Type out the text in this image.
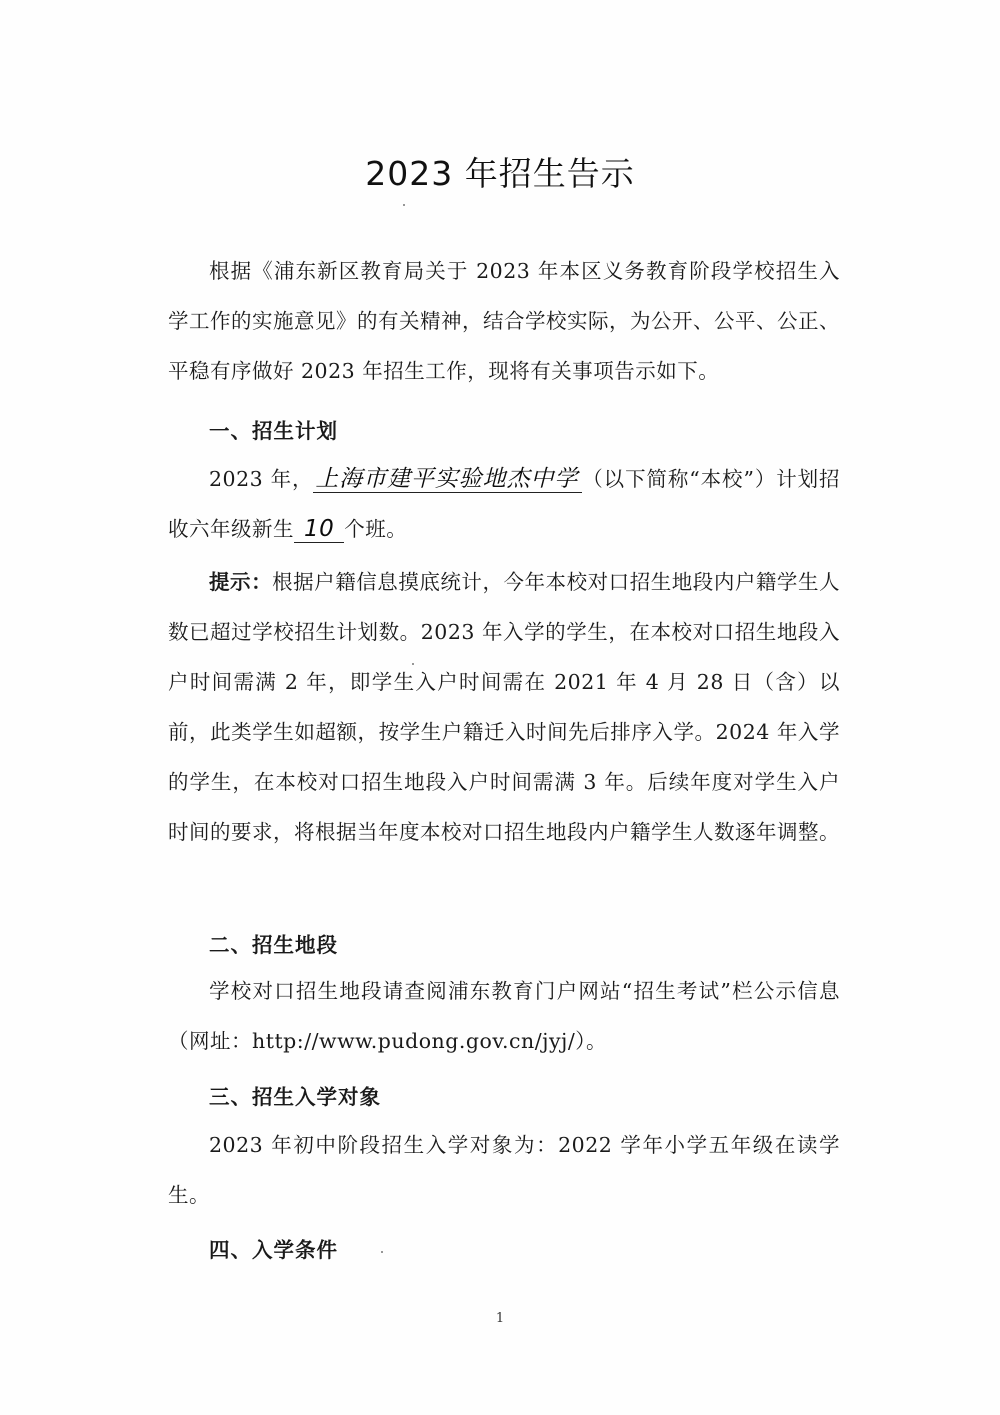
2023 年招生告示

根据《浦东新区教育局关于 2023 年本区义务教育阶段学校招生入学工作的实施意见》的有关精神，结合学校实际，为公开、公平、公正、平稳有序做好 2023 年招生工作，现将有关事项告示如下。

一、招生计划

2023 年，上海市建平实验地杰中学 （以下简称“本校”）计划招收六年级新生 10 个班。

提示：根据户籍信息摸底统计，今年本校对口招生地段内户籍学生人数已超过学校招生计划数。2023 年入学的学生，在本校对口招生地段入户时间需满 2 年，即学生入户时间需在 2021 年 4 月 28 日（含）以前，此类学生如超额，按学生户籍迁入时间先后排序入学。2024 年入学的学生，在本校对口招生地段入户时间需满 3 年。后续年度对学生入户时间的要求，将根据当年度本校对口招生地段内户籍学生人数逐年调整。

二、招生地段

学校对口招生地段请查阅浦东教育门户网站“招生考试”栏公示信息（网址：http://www.pudong.gov.cn/jyj/）。

三、招生入学对象

2023 年初中阶段招生入学对象为：2022 学年小学五年级在读学生。

四、入学条件

1
